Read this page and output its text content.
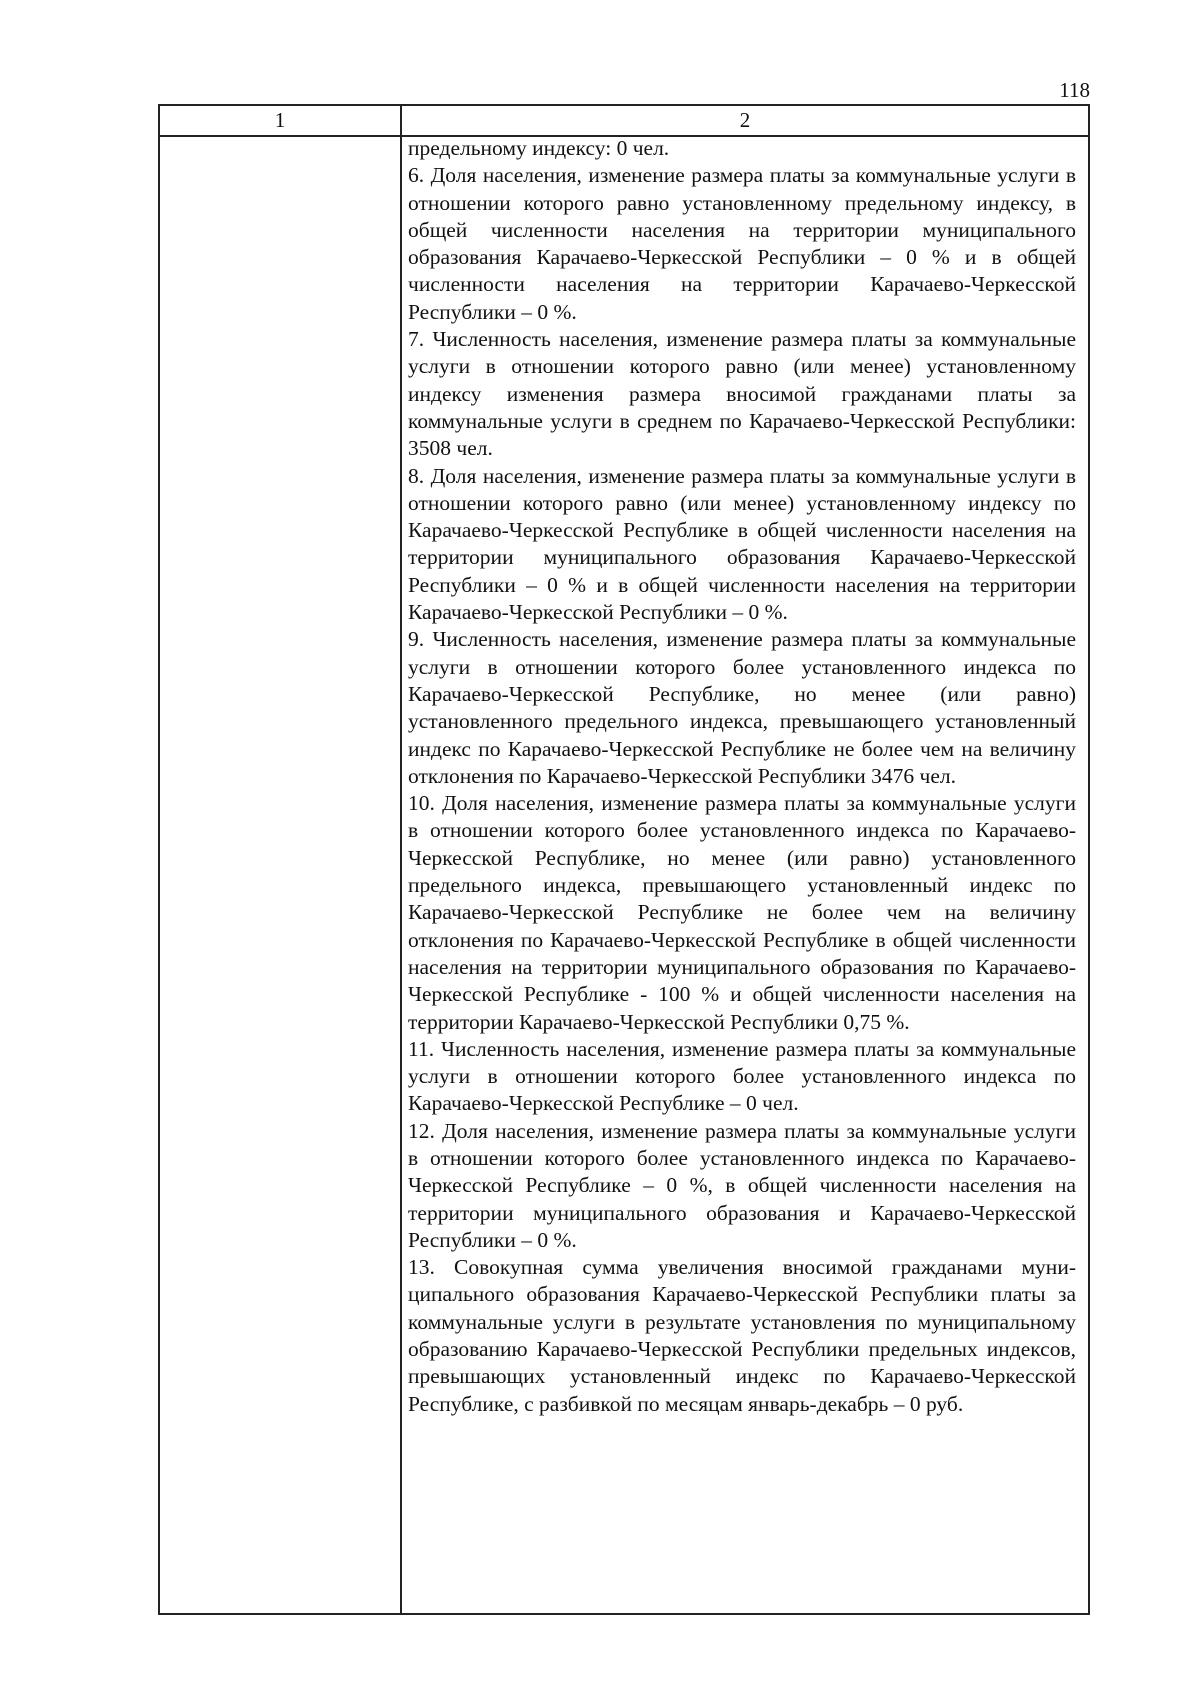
118
1	2

предельному индексу: 0 чел.

6. Доля населения, изменение размера платы за коммунальные услуги в отношении которого равно установленному предельному индексу, в общей численности населения на территории муниципального образования Карачаево-Черкесской Республики – 0 % и в общей численности населения на территории Карачаево-Черкесской Республики – 0 %.

7. Численность населения, изменение размера платы за коммунальные услуги в отношении которого равно (или менее) установленному индексу изменения размера вносимой гражданами платы за коммунальные услуги в среднем по Карачаево-Черкесской Республики: 3508 чел.

8. Доля населения, изменение размера платы за коммунальные услуги в отношении которого равно (или менее) установленному индексу по Карачаево-Черкесской Республике в общей численности населения на территории муниципального образования Карачаево-Черкесской Республики – 0 % и в общей численности населения на территории Карачаево-Черкесской Республики – 0 %.

9. Численность населения, изменение размера платы за коммунальные услуги в отношении которого более установленного индекса по Карачаево-Черкесской Республике, но менее (или равно) установленного предельного индекса, превышающего установленный индекс по Карачаево-Черкесской Республике не более чем на величину отклонения по Карачаево-Черкесской Республики 3476 чел.

10. Доля населения, изменение размера платы за коммунальные услуги в отношении которого более установленного индекса по Карачаево-Черкесской Республике, но менее (или равно) установленного предельного индекса, превышающего установленный индекс по Карачаево-Черкесской Республике не более чем на величину отклонения по Карачаево-Черкесской Республике в общей численности населения на территории муниципального образования по Карачаево-Черкесской Республике - 100 % и общей численности населения на территории Карачаево-Черкесской Республики 0,75 %.

11. Численность населения, изменение размера платы за коммунальные услуги в отношении которого более установленного индекса по Карачаево-Черкесской Республике – 0 чел.

12. Доля населения, изменение размера платы за коммунальные услуги в отношении которого более установленного индекса по Карачаево-Черкесской Республике – 0 %, в общей численности населения на территории муниципального образования и Карачаево-Черкесской Республики – 0 %.

13. Совокупная сумма увеличения вносимой гражданами муниципального образования Карачаево-Черкесской Республики платы за коммунальные услуги в результате установления по муниципальному образованию Карачаево-Черкесской Республики предельных индексов, превышающих установленный индекс по Карачаево-Черкесской Республике, с разбивкой по месяцам январь-декабрь – 0 руб.
